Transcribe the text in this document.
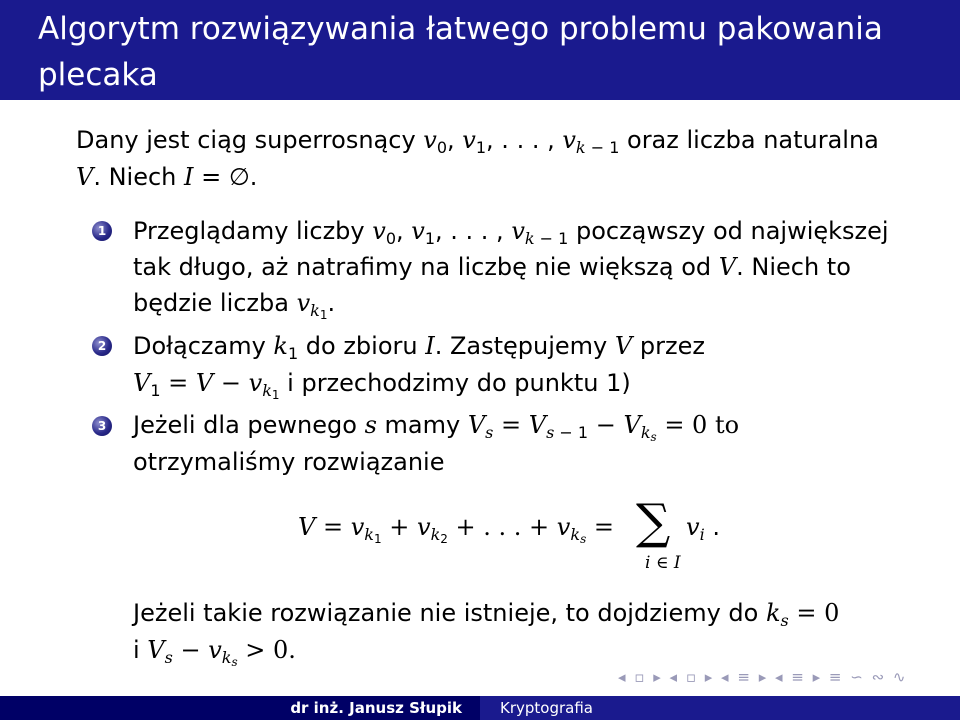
Algorytm rozwiązywania łatwego problemu pakowania plecaka
Dany jest ciąg superrosnący $v_0$, $v_1$, . . . , $v_{k - 1}$ oraz liczba naturalna
V. Niech I = ∅.
1 Przeglądamy liczby $v_0$, $v_1$, . . . , $v_{k - 1}$ począwszy od największej
tak długo, aż natrafimy na liczbę nie większą od V. Niech to
będzie liczba $v_{k_1}$.
2 Dołączamy $k_1$ do zbioru I. Zastępujemy V przez
$V_1 = V - v_{k_1}$ i przechodzimy do punktu 1)
3 Jeżeli dla pewnego s mamy $V_s = V_{s - 1} - V_{k_s} = 0$ to
otrzymaliśmy rozwiązanie
$V = v_{k_1} + v_{k_2}$ + . . . + $v_{k_s}$ = ∑
i ∈ I
$v_i$ .
Jeżeli takie rozwiązanie nie istnieje, to dojdziemy do $k_s = 0$
i $V_s - v_{k_s} > 0$.
◂ ▫ ▸ ◂ ▫ ▸ ◂ ≡ ▸ ◂ ≡ ▸ ≡ ∽ ∾ ∿
dr inż. Janusz Słupik	Kryptografia
